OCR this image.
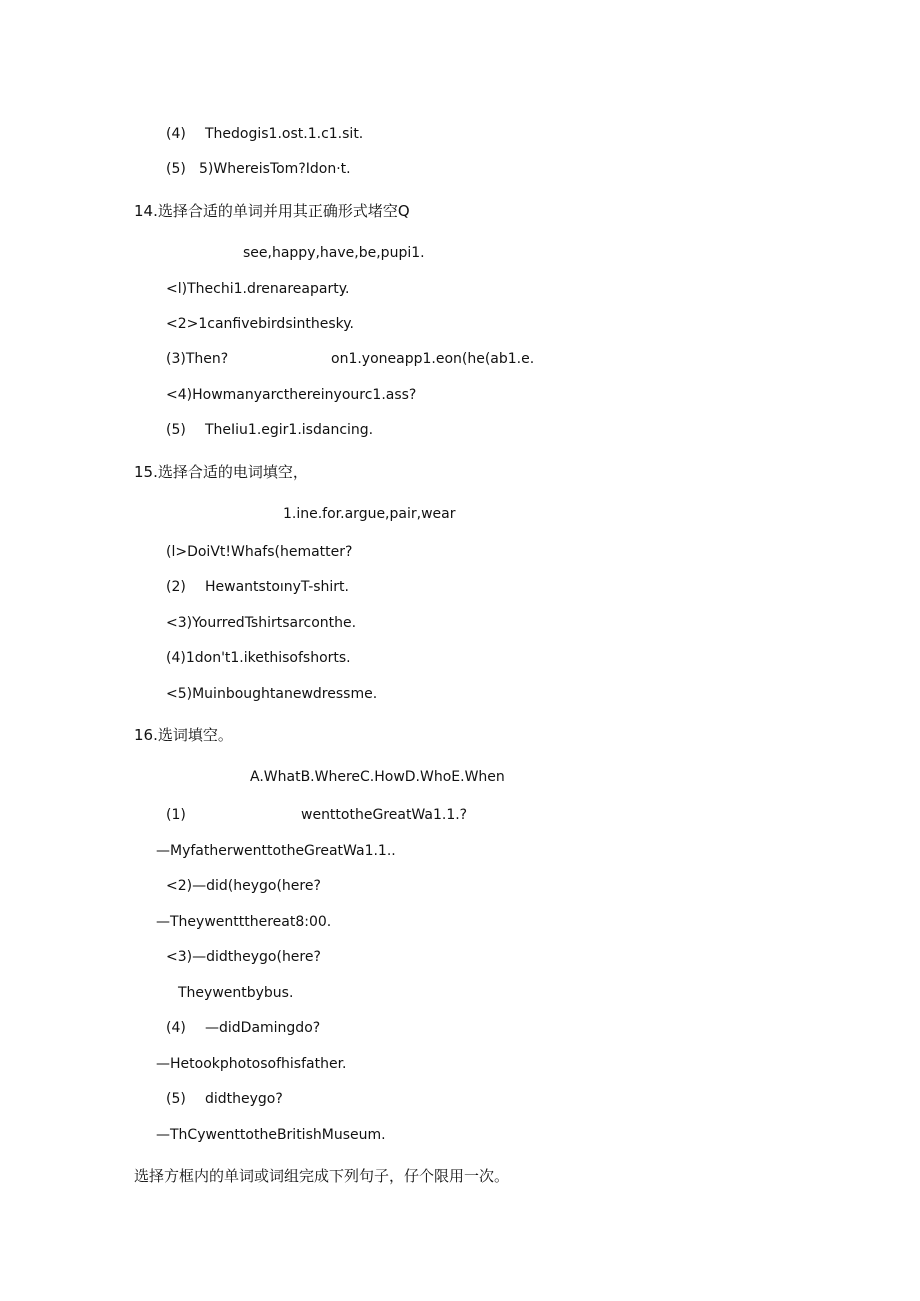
(4) Thedogis1.ost.1.c1.sit.
(5) 5)WhereisTom?Idon·t.
14.选择合适的单词并用其正确形式堵空Q
see,happy,have,be,pupi1.
<l)Thechi1.drenareaparty.
<2>1canfivebirdsinthesky.
(3)Then?	on1.yoneapp1.eon(he(ab1.e.
<4)Howmanyarcthereinyourc1.ass?
(5) TheIiu1.egir1.isdancing.
15.选择合适的电词填空，
1.ine.for.argue,pair,wear
(l>DoiVt!Whafs(hematter?
(2) HewantstoınyT-shirt.
<3)YourredTshirtsarconthe.
(4)1don't1.ikethisofshorts.
<5)Muinboughtanewdressme.
16.选词填空。
A.WhatB.WhereC.HowD.WhoE.When
(1)	wenttotheGreatWa1.1.?
—MyfatherwenttotheGreatWa1.1..
<2)—did(heygo(here?
—Theywenttthereat8:00.
<3)—didtheygo(here?
Theywentbybus.
(4) —didDamingdo?
—Hetookphotosofhisfather.
(5) didtheygo?
—ThCywenttotheBritishMuseum.
选择方框内的单词或词组完成下列句子，仔个限用一次。
